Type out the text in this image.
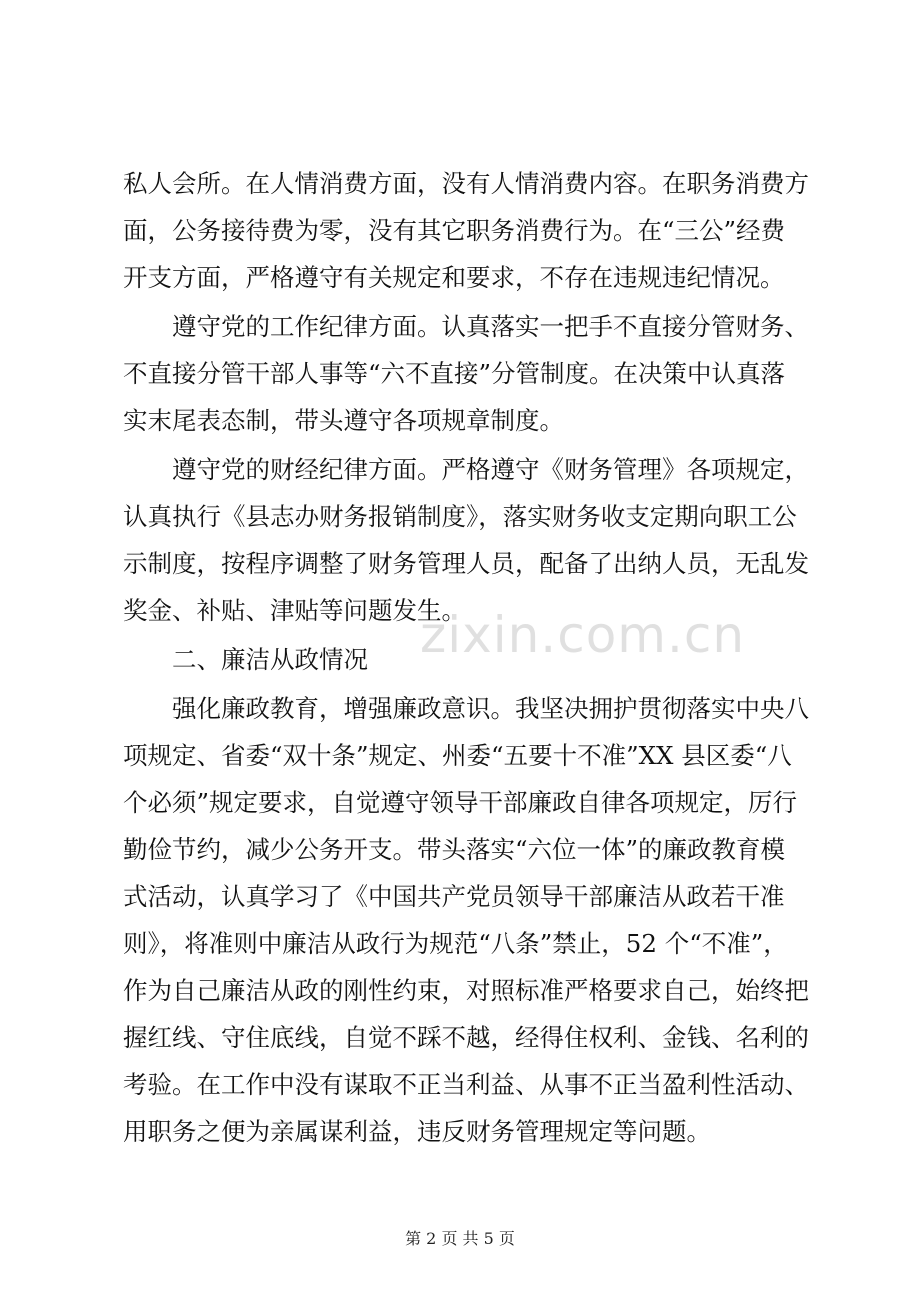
私人会所。在人情消费方面，没有人情消费内容。在职务消费方
面，公务接待费为零，没有其它职务消费行为。在“三公”经费
开支方面，严格遵守有关规定和要求，不存在违规违纪情况。
遵守党的工作纪律方面。认真落实一把手不直接分管财务、
不直接分管干部人事等“六不直接”分管制度。在决策中认真落
实末尾表态制，带头遵守各项规章制度。
遵守党的财经纪律方面。严格遵守《财务管理》各项规定，
认真执行《县志办财务报销制度》，落实财务收支定期向职工公
示制度，按程序调整了财务管理人员，配备了出纳人员，无乱发
奖金、补贴、津贴等问题发生。
二、廉洁从政情况
强化廉政教育，增强廉政意识。我坚决拥护贯彻落实中央八
项规定、省委“双十条”规定、州委“五要十不准”XX 县区委“八
个必须”规定要求，自觉遵守领导干部廉政自律各项规定，厉行
勤俭节约，减少公务开支。带头落实“六位一体”的廉政教育模
式活动，认真学习了《中国共产党员领导干部廉洁从政若干准
则》，将准则中廉洁从政行为规范“八条”禁止，52 个“不准”，
作为自己廉洁从政的刚性约束，对照标准严格要求自己，始终把
握红线、守住底线，自觉不踩不越，经得住权利、金钱、名利的
考验。在工作中没有谋取不正当利益、从事不正当盈利性活动、
用职务之便为亲属谋利益，违反财务管理规定等问题。
zixin.com.cn
第 2 页 共 5 页
